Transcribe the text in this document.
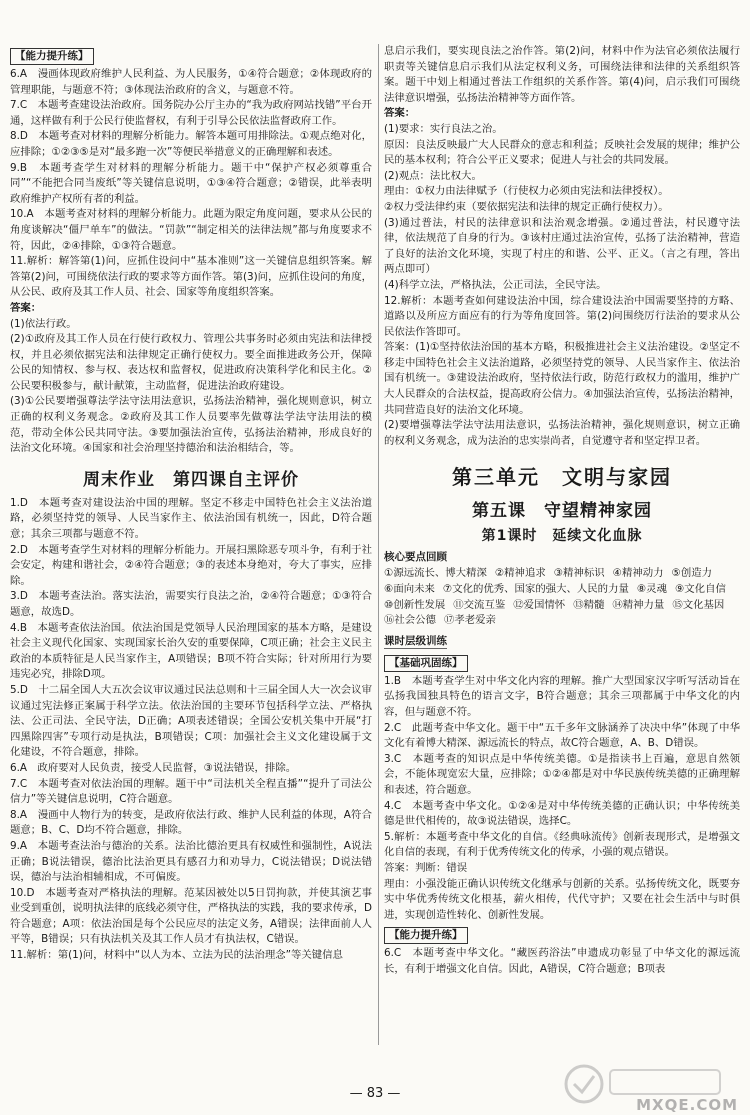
【能力提升练】

6.A　漫画体现政府维护人民利益、为人民服务，①④符合题意；②体现政府的管理职能，与题意不符；③体现法治政府的含义，与题意不符。

7.C　本题考查建设法治政府。国务院办公厅主办的“我为政府网站找错”平台开通，这样做有利于公民行使监督权，有利于引导公民依法监督政府工作。

8.D　本题考查对材料的理解分析能力。解答本题可用排除法。①观点绝对化，应排除；①②③⑤是对“最多跑一次”等便民举措意义的正确理解和表述。

9.B　本题考查学生对材料的理解分析能力。题干中“保护产权必须尊重合同”“不能把合同当废纸”等关键信息说明，①③④符合题意；②错误，此举表明政府维护产权所有者的利益。

10.A　本题考查对材料的理解分析能力。此题为限定角度问题，要求从公民的角度谈解决“僵尸单车”的做法。“罚款”“制定相关的法律法规”都与角度要求不符，因此，②④排除，①③符合题意。

11.解析：解答第(1)问，应抓住设问中“基本准则”这一关键信息组织答案。解答第(2)问，可围绕依法行政的要求等方面作答。第(3)问，应抓住设问的角度，从公民、政府及其工作人员、社会、国家等角度组织答案。

答案：

(1)依法行政。

(2)①政府及其工作人员在行使行政权力、管理公共事务时必须由宪法和法律授权，并且必须依据宪法和法律规定正确行使权力。要全面推进政务公开，保障公民的知情权、参与权、表达权和监督权，促进政府决策科学化和民主化。②公民要积极参与，献计献策，主动监督，促进法治政府建设。

(3)①公民要增强尊法学法守法用法意识，弘扬法治精神，强化规则意识，树立正确的权利义务观念。②政府及其工作人员要率先做尊法学法守法用法的模范，带动全体公民共同守法。③要加强法治宣传，弘扬法治精神，形成良好的法治文化环境。④国家和社会治理坚持德治和法治相结合，等。

周末作业　第四课自主评价

1.D　本题考查对建设法治中国的理解。坚定不移走中国特色社会主义法治道路，必须坚持党的领导、人民当家作主、依法治国有机统一，因此，D符合题意；其余三项都与题意不符。

2.D　本题考查学生对材料的理解分析能力。开展扫黑除恶专项斗争，有利于社会安定，构建和谐社会，②④符合题意；③的表述本身绝对，夸大了事实，应排除。

3.D　本题考查法治。落实法治，需要实行良法之治，②④符合题意；①③符合题意，故选D。

4.B　本题考查依法治国。依法治国是党领导人民治理国家的基本方略，是建设社会主义现代化国家、实现国家长治久安的重要保障，C项正确；社会主义民主政治的本质特征是人民当家作主，A项错误；B项不符合实际；针对所用行为要违宪必究，排除D项。

5.D　十二届全国人大五次会议审议通过民法总则和十三届全国人大一次会议审议通过宪法修正案属于科学立法。依法治国的主要环节包括科学立法、严格执法、公正司法、全民守法，D正确；A项表述错误；全国公安机关集中开展“打四黑除四害”专项行动是执法，B项错误；C项：加强社会主义文化建设属于文化建设，不符合题意，排除。

6.A　政府要对人民负责，接受人民监督，③说法错误，排除。

7.C　本题考查对依法治国的理解。题干中“司法机关全程直播”“提升了司法公信力”等关键信息说明，C符合题意。

8.A　漫画中人物行为的转变，是政府依法行政、维护人民利益的体现，A符合题意；B、C、D均不符合题意，排除。

9.A　本题考查法治与德治的关系。法治比德治更具有权威性和强制性，A说法正确；B说法错误，德治比法治更具有感召力和劝导力，C说法错误；D说法错误，德治与法治相辅相成，不可偏废。

10.D　本题考查对严格执法的理解。范某因被处以5日罚拘款，并使其演艺事业受到重创，说明执法律的底线必须守住，严格执法的实践，我的要求传承，D符合题意；A项：依法治国是每个公民应尽的法定义务，A错误；法律面前人人平等，B错误；只有执法机关及其工作人员才有执法权，C错误。

11.解析：第(1)问，材料中“以人为本、立法为民的法治理念”等关键信息

息启示我们，要实现良法之治作答。第(2)问，材料中作为法官必须依法履行职责等关键信息启示我们从法定权利义务，可围绕法律和法律的关系组织答案。题干中划上相通过普法工作组织的关系作答。第(4)问，启示我们可围绕法律意识增强，弘扬法治精神等方面作答。

答案：

(1)要求：实行良法之治。

原因：良法反映最广大人民群众的意志和利益；反映社会发展的规律；维护公民的基本权利；符合公平正义要求；促进人与社会的共同发展。

(2)观点：法比权大。

理由：①权力由法律赋予（行使权力必须由宪法和法律授权）。

②权力受法律约束（要依据宪法和法律的规定正确行使权力）。

(3)通过普法，村民的法律意识和法治观念增强。②通过普法，村民遵守法律，依法规范了自身的行为。③该村庄通过法治宣传，弘扬了法治精神，营造了良好的法治文化环境，实现了村庄的和谐、公平、正义。（言之有理，答出两点即可）

(4)科学立法，严格执法，公正司法，全民守法。

12.解析：本题考查如何建设法治中国，综合建设法治中国需要坚持的方略、道路以及所应方面应有的行为等角度回答。第(2)问围绕厉行法治的要求从公民依法作答即可。

答案：(1)①坚持依法治国的基本方略，积极推进社会主义法治建设。②坚定不移走中国特色社会主义法治道路，必须坚持党的领导、人民当家作主、依法治国有机统一。③建设法治政府，坚持依法行政，防范行政权力的滥用，维护广大人民群众的合法权益，提高政府公信力。④加强法治宣传，弘扬法治精神，共同营造良好的法治文化环境。

(2)要增强尊法学法守法用法意识，弘扬法治精神，强化规则意识，树立正确的权利义务观念，成为法治的忠实崇尚者，自觉遵守者和坚定捍卫者。

第三单元　文明与家园
第五课　守望精神家园
第1课时　延续文化血脉
核心要点回顾
①源远流长、博大精深 ②精神追求 ③精神标识 ④精神动力 ⑤创造力
⑥面向未来 ⑦文化的优秀、国家的强大、人民的力量 ⑧灵魂 ⑨文化自信
⑩创新性发展 ⑪交流互鉴 ⑫爱国情怀 ⑬精髓 ⑭精神力量 ⑮文化基因
⑯社会公德 ⑰孝老爱亲
课时层级训练
【基础巩固练】

1.B　本题考查学生对中华文化内容的理解。推广大型国家汉字听写活动旨在弘扬我国独具特色的语言文字，B符合题意；其余三项都属于中华文化的内容，但与题意不符。

2.C　此题考查中华文化。题干中“五千多年文脉涵养了决决中华”体现了中华文化有着博大精深、源远流长的特点，故C符合题意，A、B、D错误。

3.C　本题考查的知识点是中华传统美德。①是指读书上百遍，意思自然领会，不能体现宽宏大量，应排除；①②④都是对中华民族传统美德的正确理解和表述，符合题意。

4.C　本题考查中华文化。①②④是对中华传统美德的正确认识；中华传统美德是世代相传的，故③说法错误，选择C。

5.解析：本题考查中华文化的自信。《经典咏流传》创新表现形式，是增强文化自信的表现，有利于优秀传统文化的传承，小强的观点错误。

答案：判断：错误

理由：小强没能正确认识传统文化继承与创新的关系。弘扬传统文化，既要夯实中华优秀传统文化根基，薪火相传，代代守护；又要在社会生活中与时俱进，实现创造性转化、创新性发展。

【能力提升练】

6.C　本题考查中华文化。“藏医药浴法”申遗成功彰显了中华文化的源远流长，有利于增强文化自信。因此，A错误，C符合题意；B项表

— 83 —
MXQE.COM
